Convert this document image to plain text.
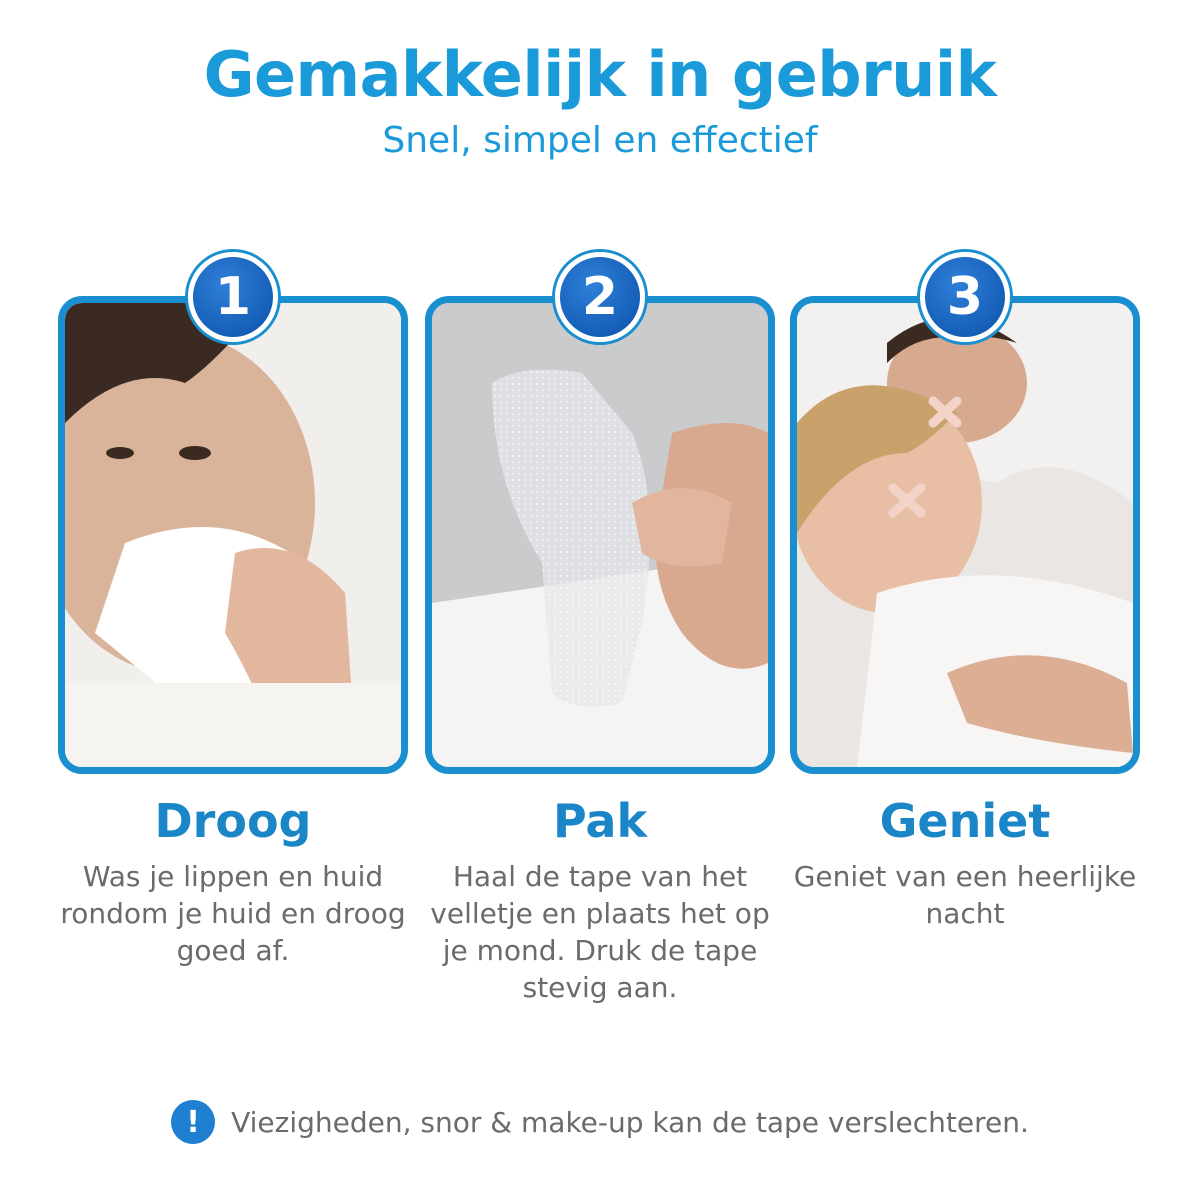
Gemakkelijk in gebruik
Snel, simpel en effectief
1
Droog
Was je lippen en huid rondom je huid en droog goed af.
2
Pak
Haal de tape van het velletje en plaats het op je mond. Druk de tape stevig aan.
3
Geniet
Geniet van een heerlijke nacht
!	Viezigheden, snor & make-up kan de tape verslechteren.
